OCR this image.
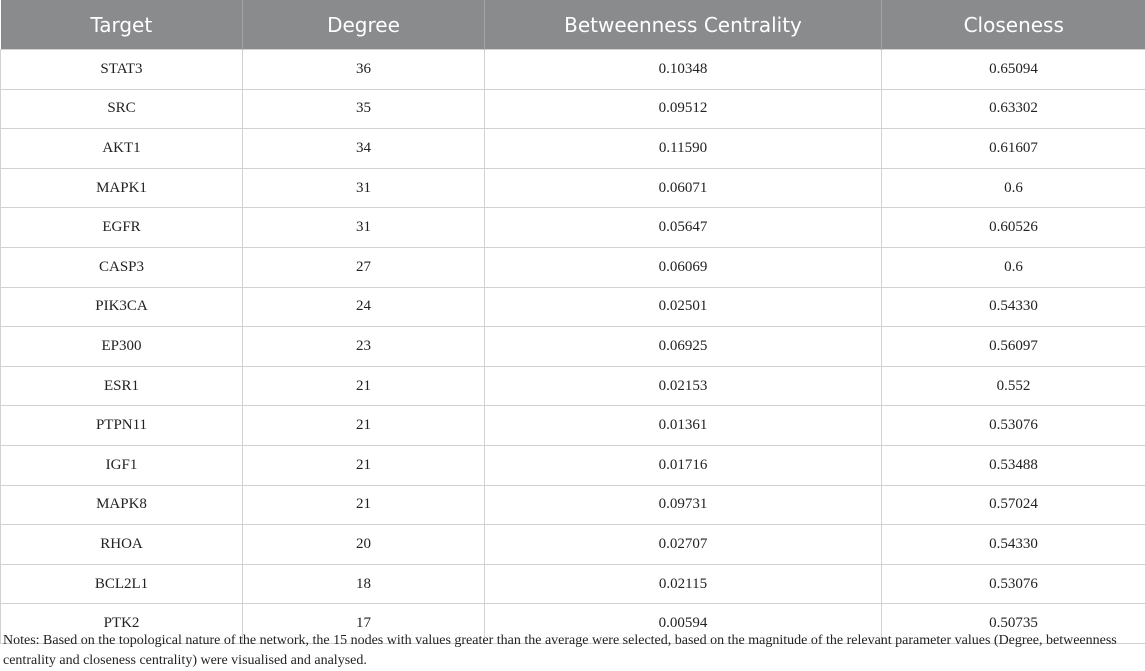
Target	Degree	Betweenness Centrality	Closeness
STAT3	36	0.10348	0.65094
SRC	35	0.09512	0.63302
AKT1	34	0.11590	0.61607
MAPK1	31	0.06071	0.6
EGFR	31	0.05647	0.60526
CASP3	27	0.06069	0.6
PIK3CA	24	0.02501	0.54330
EP300	23	0.06925	0.56097
ESR1	21	0.02153	0.552
PTPN11	21	0.01361	0.53076
IGF1	21	0.01716	0.53488
MAPK8	21	0.09731	0.57024
RHOA	20	0.02707	0.54330
BCL2L1	18	0.02115	0.53076
PTK2	17	0.00594	0.50735
Notes: Based on the topological nature of the network, the 15 nodes with values greater than the average were selected, based on the magnitude of the relevant parameter values (Degree, betweenness centrality and closeness centrality) were visualised and analysed.
